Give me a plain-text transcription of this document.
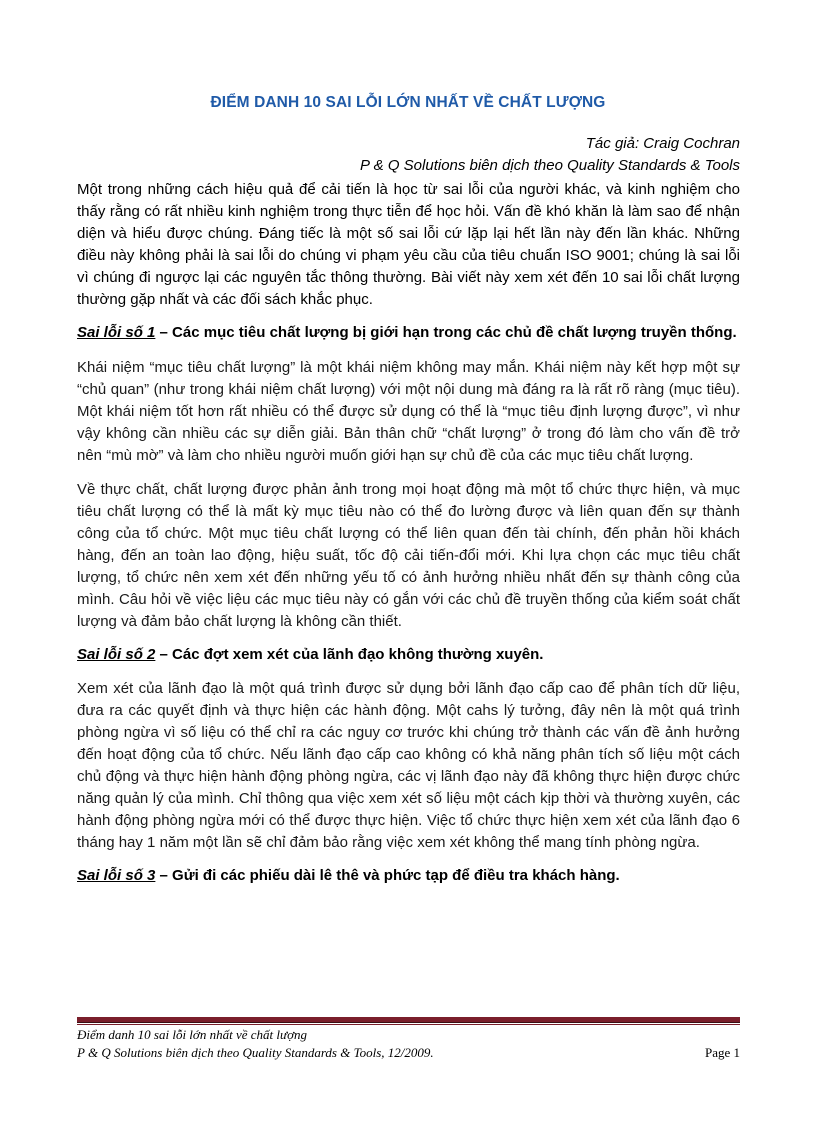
ĐIỂM DANH 10 SAI LỖI LỚN NHẤT VỀ CHẤT LƯỢNG
Tác giả: Craig Cochran
P & Q Solutions biên dịch theo Quality Standards & Tools

Một trong những cách hiệu quả để cải tiến là học từ sai lỗi của người khác, và kinh nghiệm cho thấy rằng có rất nhiều kinh nghiệm trong thực tiễn để học hỏi. Vấn đề khó khăn là làm sao để nhận diện và hiểu được chúng. Đáng tiếc là một số sai lỗi cứ lặp lại hết lần này đến lần khác. Những điều này không phải là sai lỗi do chúng vi phạm yêu cầu của tiêu chuẩn ISO 9001; chúng là sai lỗi vì chúng đi ngược lại các nguyên tắc thông thường. Bài viết này xem xét đến 10 sai lỗi chất lượng thường gặp nhất và các đối sách khắc phục.

Sai lỗi số 1 – Các mục tiêu chất lượng bị giới hạn trong các chủ đề chất lượng truyền thống.

Khái niệm “mục tiêu chất lượng” là một khái niệm không may mắn. Khái niệm này kết hợp một sự “chủ quan” (như trong khái niệm chất lượng) với một nội dung mà đáng ra là rất rõ ràng (mục tiêu). Một khái niệm tốt hơn rất nhiều có thể được sử dụng có thể là “mục tiêu định lượng được”, vì như vậy không cần nhiều các sự diễn giải. Bản thân chữ “chất lượng” ở trong đó làm cho vấn đề trở nên “mù mờ” và làm cho nhiều người muốn giới hạn sự chủ đề của các mục tiêu chất lượng.

Về thực chất, chất lượng được phản ảnh trong mọi hoạt động mà một tổ chức thực hiện, và mục tiêu chất lượng có thể là mất kỳ mục tiêu nào có thể đo lường được và liên quan đến sự thành công của tổ chức. Một mục tiêu chất lượng có thể liên quan đến tài chính, đến phản hồi khách hàng, đến an toàn lao động, hiệu suất, tốc độ cải tiến-đổi mới. Khi lựa chọn các mục tiêu chất lượng, tổ chức nên xem xét đến những yếu tố có ảnh hưởng nhiều nhất đến sự thành công của mình. Câu hỏi về việc liệu các mục tiêu này có gắn với các chủ đề truyền thống của kiểm soát chất lượng và đảm bảo chất lượng là không cần thiết.

Sai lỗi số 2 – Các đợt xem xét của lãnh đạo không thường xuyên.

Xem xét của lãnh đạo là một quá trình được sử dụng bởi lãnh đạo cấp cao để phân tích dữ liệu, đưa ra các quyết định và thực hiện các hành động. Một cahs lý tưởng, đây nên là một quá trình phòng ngừa vì số liệu có thể chỉ ra các nguy cơ trước khi chúng trở thành các vấn đề ảnh hưởng đến hoạt động của tổ chức. Nếu lãnh đạo cấp cao không có khả năng phân tích số liệu một cách chủ động và thực hiện hành động phòng ngừa, các vị lãnh đạo này đã không thực hiện được chức năng quản lý của mình. Chỉ thông qua việc xem xét số liệu một cách kịp thời và thường xuyên, các hành động phòng ngừa mới có thể được thực hiện. Việc tổ chức thực hiện xem xét của lãnh đạo 6 tháng hay 1 năm một lần sẽ chỉ đảm bảo rằng việc xem xét không thể mang tính phòng ngừa.

Sai lỗi số 3 – Gửi đi các phiếu dài lê thê và phức tạp để điều tra khách hàng.
Điểm danh 10 sai lỗi lớn nhất về chất lượng
P & Q Solutions biên dịch theo Quality Standards & Tools, 12/2009.	Page 1
